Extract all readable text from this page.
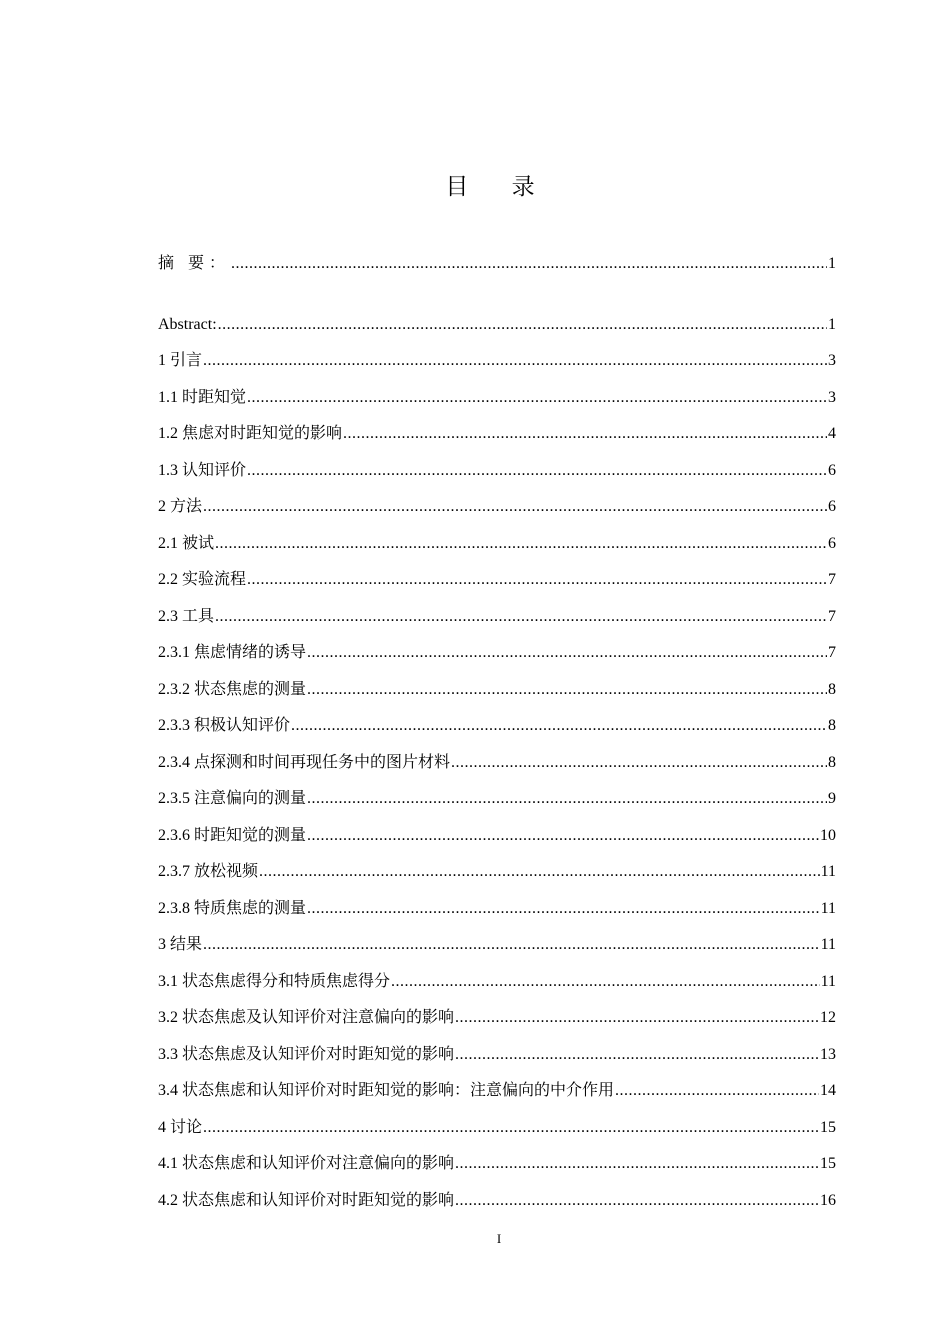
目 录
摘 要： .....	1
Abstract: .....	1
1 引言 .....	3
1.1 时距知觉 .....	3
1.2 焦虑对时距知觉的影响 .....	4
1.3 认知评价 .....	6
2 方法 .....	6
2.1 被试 .....	6
2.2 实验流程 .....	7
2.3 工具 .....	7
2.3.1 焦虑情绪的诱导 .....	7
2.3.2 状态焦虑的测量 .....	8
2.3.3 积极认知评价 .....	8
2.3.4 点探测和时间再现任务中的图片材料 .....	8
2.3.5 注意偏向的测量 .....	9
2.3.6 时距知觉的测量 .....	10
2.3.7 放松视频 .....	11
2.3.8 特质焦虑的测量 .....	11
3 结果 .....	11
3.1 状态焦虑得分和特质焦虑得分 .....	11
3.2 状态焦虑及认知评价对注意偏向的影响 .....	12
3.3 状态焦虑及认知评价对时距知觉的影响 .....	13
3.4 状态焦虑和认知评价对时距知觉的影响：注意偏向的中介作用 .....	14
4 讨论 .....	15
4.1 状态焦虑和认知评价对注意偏向的影响 .....	15
4.2 状态焦虑和认知评价对时距知觉的影响 .....	16
I
